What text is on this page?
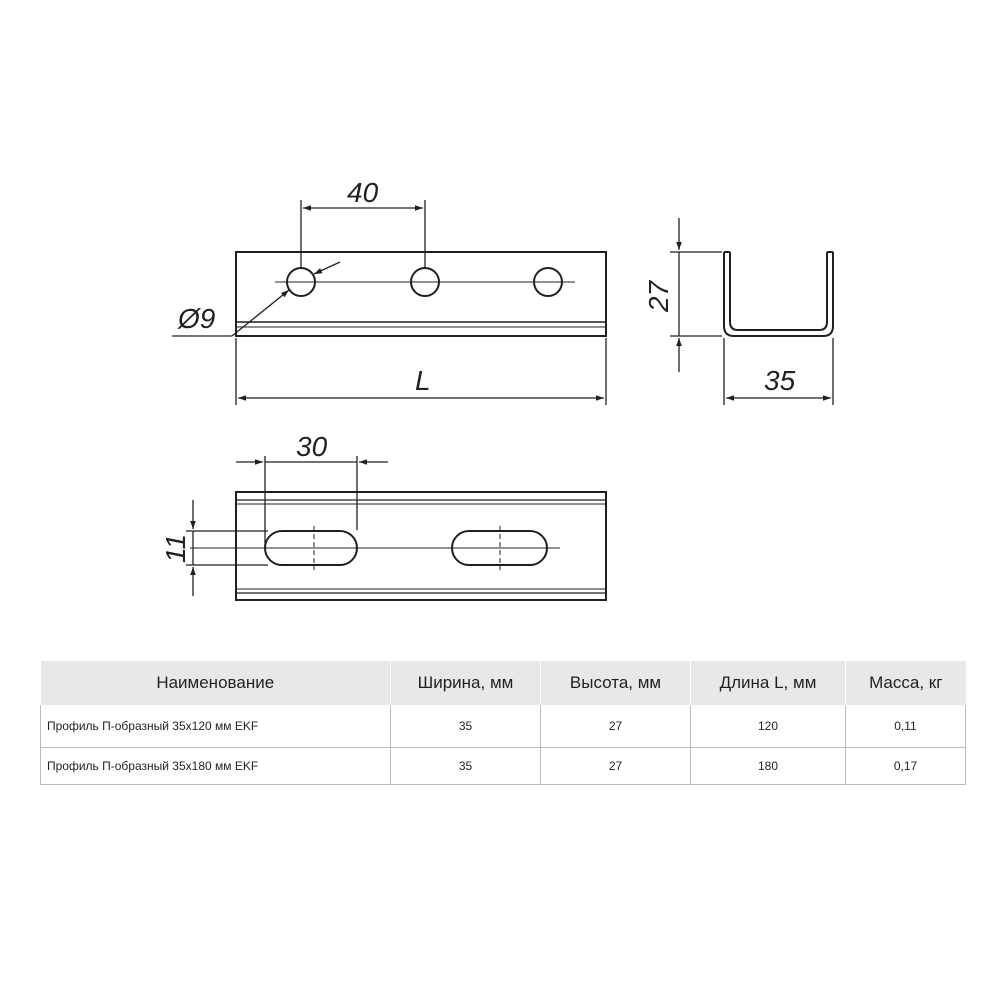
40
Ø9
L
27
35
30
11
Наименование	Ширина, мм	Высота, мм	Длина L, мм	Масса, кг
Профиль П-образный 35х120 мм EKF	35	27	120	0,11
Профиль П-образный 35х180 мм EKF	35	27	180	0,17
